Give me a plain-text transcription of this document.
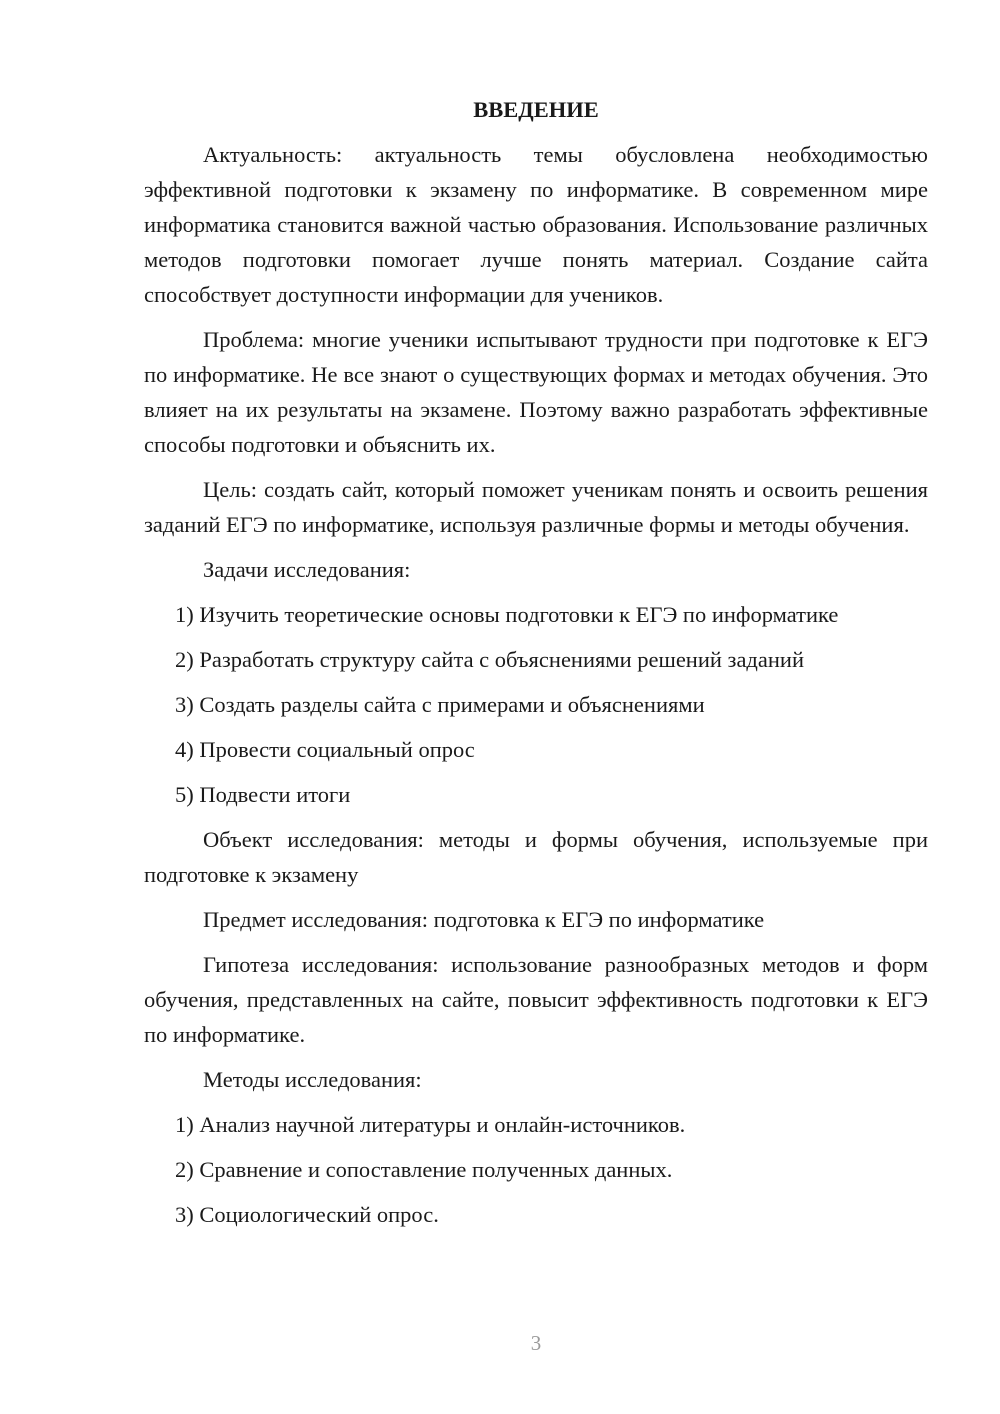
ВВЕДЕНИЕ

Актуальность: актуальность темы обусловлена необходимостью эффективной подготовки к экзамену по информатике. В современном мире информатика становится важной частью образования. Использование различных методов подготовки помогает лучше понять материал. Создание сайта способствует доступности информации для учеников.

Проблема: многие ученики испытывают трудности при подготовке к ЕГЭ по информатике. Не все знают о существующих формах и методах обучения. Это влияет на их результаты на экзамене. Поэтому важно разработать эффективные способы подготовки и объяснить их.

Цель: создать сайт, который поможет ученикам понять и освоить решения заданий ЕГЭ по информатике, используя различные формы и методы обучения.

Задачи исследования:

1) Изучить теоретические основы подготовки к ЕГЭ по информатике
2) Разработать структуру сайта с объяснениями решений заданий
3) Создать разделы сайта с примерами и объяснениями
4) Провести социальный опрос
5) Подвести итоги

Объект исследования: методы и формы обучения, используемые при подготовке к экзамену

Предмет исследования: подготовка к ЕГЭ по информатике

Гипотеза исследования: использование разнообразных методов и форм обучения, представленных на сайте, повысит эффективность подготовки к ЕГЭ по информатике.

Методы исследования:

1) Анализ научной литературы и онлайн-источников.
2) Сравнение и сопоставление полученных данных.
3) Социологический опрос.
3
